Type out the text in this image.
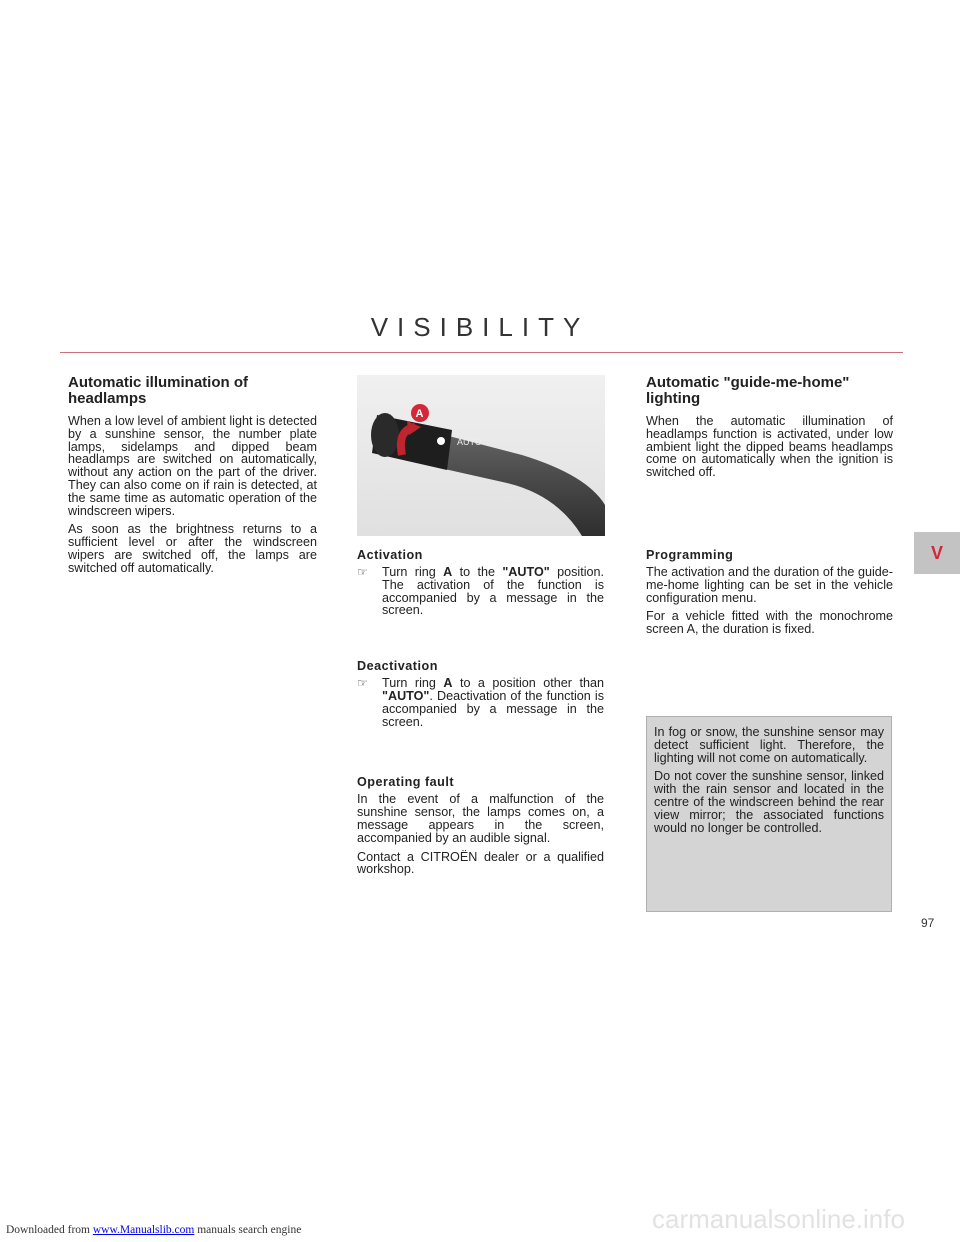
VISIBILITY
Automatic illumination of headlamps

When a low level of ambient light is detected by a sunshine sensor, the number plate lamps, sidelamps and dipped beam headlamps are switched on automatically, without any action on the part of the driver. They can also come on if rain is detected, at the same time as automatic operation of the windscreen wipers.

As soon as the brightness returns to a sufficient level or after the windscreen wipers are switched off, the lamps are switched off automatically.

AUTO
A
Activation
☞	Turn ring A to the "AUTO" position. The activation of the function is accompanied by a message in the screen.
Deactivation
☞	Turn ring A to a position other than "AUTO". Deactivation of the function is accompanied by a message in the screen.
Operating fault

In the event of a malfunction of the sunshine sensor, the lamps comes on, a message appears in the screen, accompanied by an audible signal.

Contact a CITROËN dealer or a qualified workshop.

Automatic "guide-me-home" lighting

When the automatic illumination of headlamps function is activated, under low ambient light the dipped beams headlamps come on automatically when the ignition is switched off.

Programming

The activation and the duration of the guide-me-home lighting can be set in the vehicle configuration menu.

For a vehicle fitted with the monochrome screen A, the duration is fixed.

In fog or snow, the sunshine sensor may detect sufficient light. Therefore, the lighting will not come on automatically.

Do not cover the sunshine sensor, linked with the rain sensor and located in the centre of the windscreen behind the rear view mirror; the associated functions would no longer be controlled.

V
97
carmanualsonline.info
Downloaded from www.Manualslib.com manuals search engine
